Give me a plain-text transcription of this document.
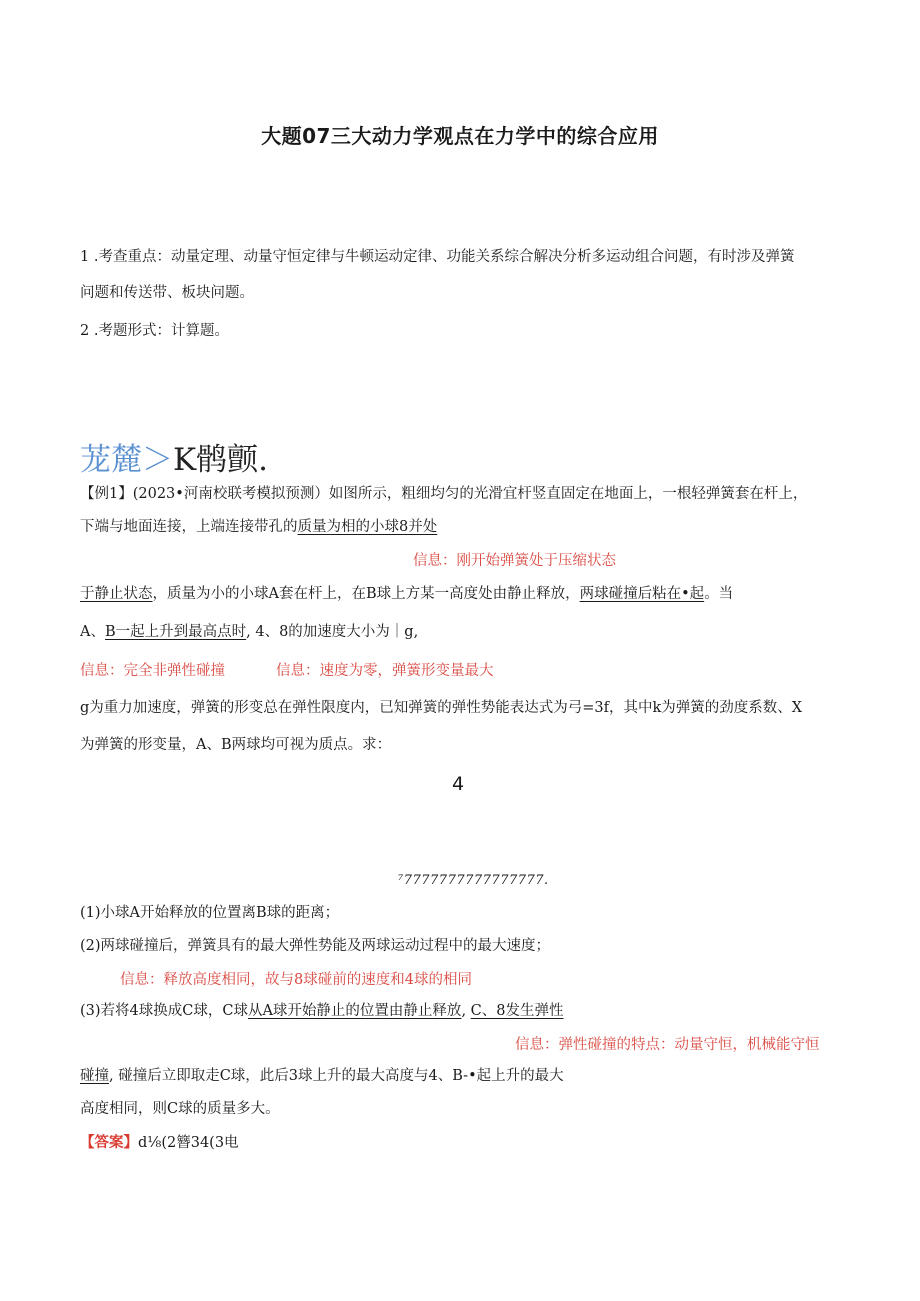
大题07三大动力学观点在力学中的综合应用
1 .考查重点：动量定理、动量守恒定律与牛顿运动定律、功能关系综合解决分析多运动组合问题，有时涉及弹簧
问题和传送带、板块问题。
2 .考题形式：计算题。
茏麓＞K鹘颤.
【例1】(2023•河南校联考模拟预测）如图所示，粗细均匀的光滑宜杆竖直固定在地面上，一根轻弹簧套在杆上，
下端与地面连接，上端连接带孔的质量为相的小球8并处
信息：刚开始弹簧处于压缩状态
于静止状态，质量为小的小球A套在杆上，在B球上方某一高度处由静止释放，两球碰撞后粘在•起。当
A、B一起上升到最高点时, 4、8的加速度大小为｜g,
信息：完全非弹性碰撞	信息：速度为零，弹簧形变量最大
g为重力加速度，弹簧的形变总在弹性限度内，已知弹簧的弹性势能表达式为弓=3f，其中k为弹簧的劲度系数、X
为弹簧的形变量，A、B两球均可视为质点。求：
4
⁷7777777777777777.
(1)小球A开始释放的位置离B球的距离；
(2)两球碰撞后，弹簧具有的最大弹性势能及两球运动过程中的最大速度；
信息：释放高度相同，故与8球碰前的速度和4球的相同
(3)若将4球换成C球，C球从A球开始静止的位置由静止释放, C、8发生弹性
信息：弹性碰撞的特点：动量守恒，机械能守恒
碰撞, 碰撞后立即取走C球，此后3球上升的最大高度与4、B-•起上升的最大
高度相同，则C球的质量多大。
【答案】d⅛(2簪34(3电
